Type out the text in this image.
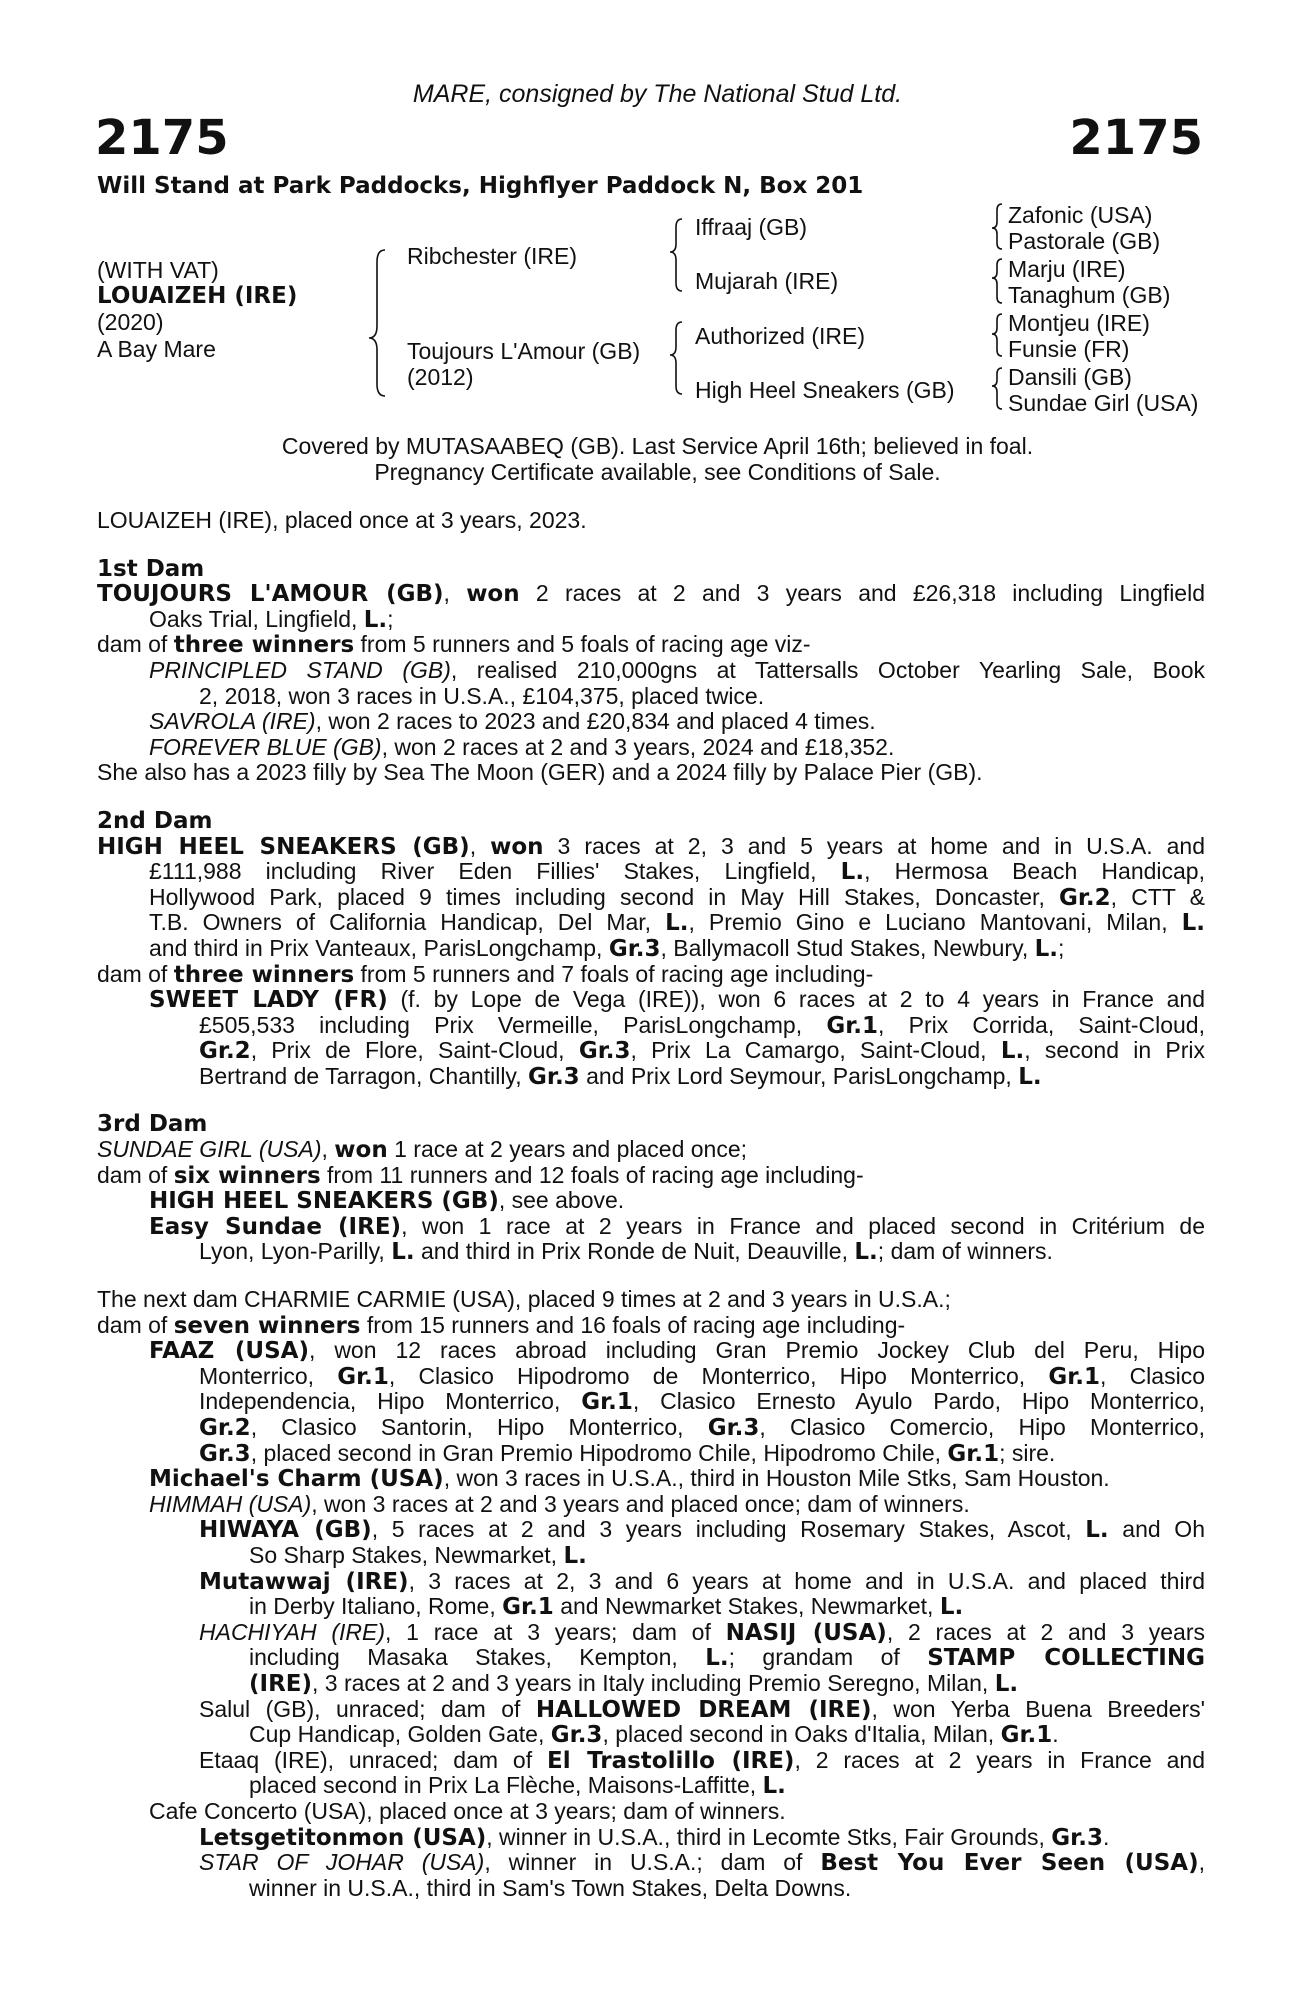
MARE, consigned by The National Stud Ltd.
2175	2175
Will Stand at Park Paddocks, Highflyer Paddock N, Box 201
(WITH VAT)
LOUAIZEH (IRE)
(2020)
A Bay Mare
Ribchester (IRE)
Toujours L'Amour (GB)
(2012)
Iffraaj (GB)
Mujarah (IRE)
Authorized (IRE)
High Heel Sneakers (GB)
Zafonic (USA)
Pastorale (GB)
Marju (IRE)
Tanaghum (GB)
Montjeu (IRE)
Funsie (FR)
Dansili (GB)
Sundae Girl (USA)
Covered by MUTASAABEQ (GB). Last Service April 16th; believed in foal.
Pregnancy Certificate available, see Conditions of Sale.
LOUAIZEH (IRE), placed once at 3 years, 2023.
1st Dam
TOUJOURS L'AMOUR (GB), won 2 races at 2 and 3 years and £26,318 including Lingfield
Oaks Trial, Lingfield, L.;
dam of three winners from 5 runners and 5 foals of racing age viz-
PRINCIPLED STAND (GB), realised 210,000gns at Tattersalls October Yearling Sale, Book
2, 2018, won 3 races in U.S.A., £104,375, placed twice.
SAVROLA (IRE), won 2 races to 2023 and £20,834 and placed 4 times.
FOREVER BLUE (GB), won 2 races at 2 and 3 years, 2024 and £18,352.
She also has a 2023 filly by Sea The Moon (GER) and a 2024 filly by Palace Pier (GB).
2nd Dam
HIGH HEEL SNEAKERS (GB), won 3 races at 2, 3 and 5 years at home and in U.S.A. and
£111,988 including River Eden Fillies' Stakes, Lingfield, L., Hermosa Beach Handicap,
Hollywood Park, placed 9 times including second in May Hill Stakes, Doncaster, Gr.2, CTT &
T.B. Owners of California Handicap, Del Mar, L., Premio Gino e Luciano Mantovani, Milan, L.
and third in Prix Vanteaux, ParisLongchamp, Gr.3, Ballymacoll Stud Stakes, Newbury, L.;
dam of three winners from 5 runners and 7 foals of racing age including-
SWEET LADY (FR) (f. by Lope de Vega (IRE)), won 6 races at 2 to 4 years in France and
£505,533 including Prix Vermeille, ParisLongchamp, Gr.1, Prix Corrida, Saint-Cloud,
Gr.2, Prix de Flore, Saint-Cloud, Gr.3, Prix La Camargo, Saint-Cloud, L., second in Prix
Bertrand de Tarragon, Chantilly, Gr.3 and Prix Lord Seymour, ParisLongchamp, L.
3rd Dam
SUNDAE GIRL (USA), won 1 race at 2 years and placed once;
dam of six winners from 11 runners and 12 foals of racing age including-
HIGH HEEL SNEAKERS (GB), see above.
Easy Sundae (IRE), won 1 race at 2 years in France and placed second in Critérium de
Lyon, Lyon-Parilly, L. and third in Prix Ronde de Nuit, Deauville, L.; dam of winners.
The next dam CHARMIE CARMIE (USA), placed 9 times at 2 and 3 years in U.S.A.;
dam of seven winners from 15 runners and 16 foals of racing age including-
FAAZ (USA), won 12 races abroad including Gran Premio Jockey Club del Peru, Hipo
Monterrico, Gr.1, Clasico Hipodromo de Monterrico, Hipo Monterrico, Gr.1, Clasico
Independencia, Hipo Monterrico, Gr.1, Clasico Ernesto Ayulo Pardo, Hipo Monterrico,
Gr.2, Clasico Santorin, Hipo Monterrico, Gr.3, Clasico Comercio, Hipo Monterrico,
Gr.3, placed second in Gran Premio Hipodromo Chile, Hipodromo Chile, Gr.1; sire.
Michael's Charm (USA), won 3 races in U.S.A., third in Houston Mile Stks, Sam Houston.
HIMMAH (USA), won 3 races at 2 and 3 years and placed once; dam of winners.
HIWAYA (GB), 5 races at 2 and 3 years including Rosemary Stakes, Ascot, L. and Oh
So Sharp Stakes, Newmarket, L.
Mutawwaj (IRE), 3 races at 2, 3 and 6 years at home and in U.S.A. and placed third
in Derby Italiano, Rome, Gr.1 and Newmarket Stakes, Newmarket, L.
HACHIYAH (IRE), 1 race at 3 years; dam of NASIJ (USA), 2 races at 2 and 3 years
including Masaka Stakes, Kempton, L.; grandam of STAMP COLLECTING
(IRE), 3 races at 2 and 3 years in Italy including Premio Seregno, Milan, L.
Salul (GB), unraced; dam of HALLOWED DREAM (IRE), won Yerba Buena Breeders'
Cup Handicap, Golden Gate, Gr.3, placed second in Oaks d'Italia, Milan, Gr.1.
Etaaq (IRE), unraced; dam of El Trastolillo (IRE), 2 races at 2 years in France and
placed second in Prix La Flèche, Maisons-Laffitte, L.
Cafe Concerto (USA), placed once at 3 years; dam of winners.
Letsgetitonmon (USA), winner in U.S.A., third in Lecomte Stks, Fair Grounds, Gr.3.
STAR OF JOHAR (USA), winner in U.S.A.; dam of Best You Ever Seen (USA),
winner in U.S.A., third in Sam's Town Stakes, Delta Downs.
